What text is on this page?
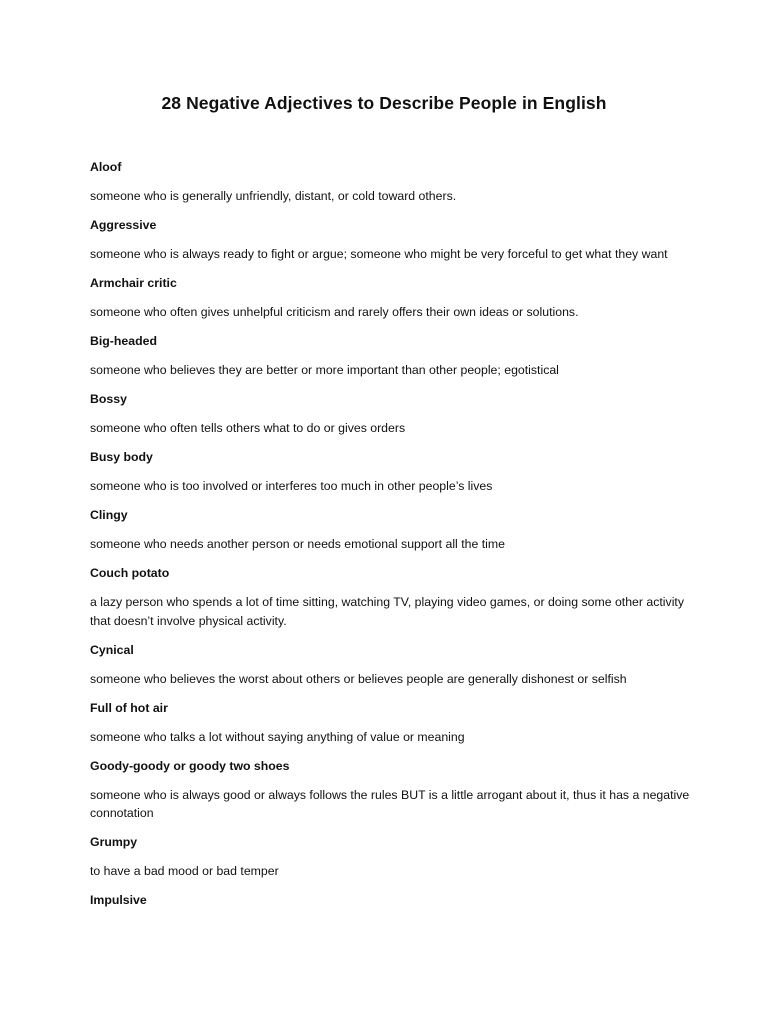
28 Negative Adjectives to Describe People in English
Aloof
someone who is generally unfriendly, distant, or cold toward others.
Aggressive
someone who is always ready to fight or argue; someone who might be very forceful to get what they want
Armchair critic
someone who often gives unhelpful criticism and rarely offers their own ideas or solutions.
Big-headed
someone who believes they are better or more important than other people; egotistical
Bossy
someone who often tells others what to do or gives orders
Busy body
someone who is too involved or interferes too much in other people’s lives
Clingy
someone who needs another person or needs emotional support all the time
Couch potato
a lazy person who spends a lot of time sitting, watching TV, playing video games, or doing some other activity that doesn’t involve physical activity.
Cynical
someone who believes the worst about others or believes people are generally dishonest or selfish
Full of hot air
someone who talks a lot without saying anything of value or meaning
Goody-goody or goody two shoes
someone who is always good or always follows the rules BUT is a little arrogant about it, thus it has a negative connotation
Grumpy
to have a bad mood or bad temper
Impulsive
